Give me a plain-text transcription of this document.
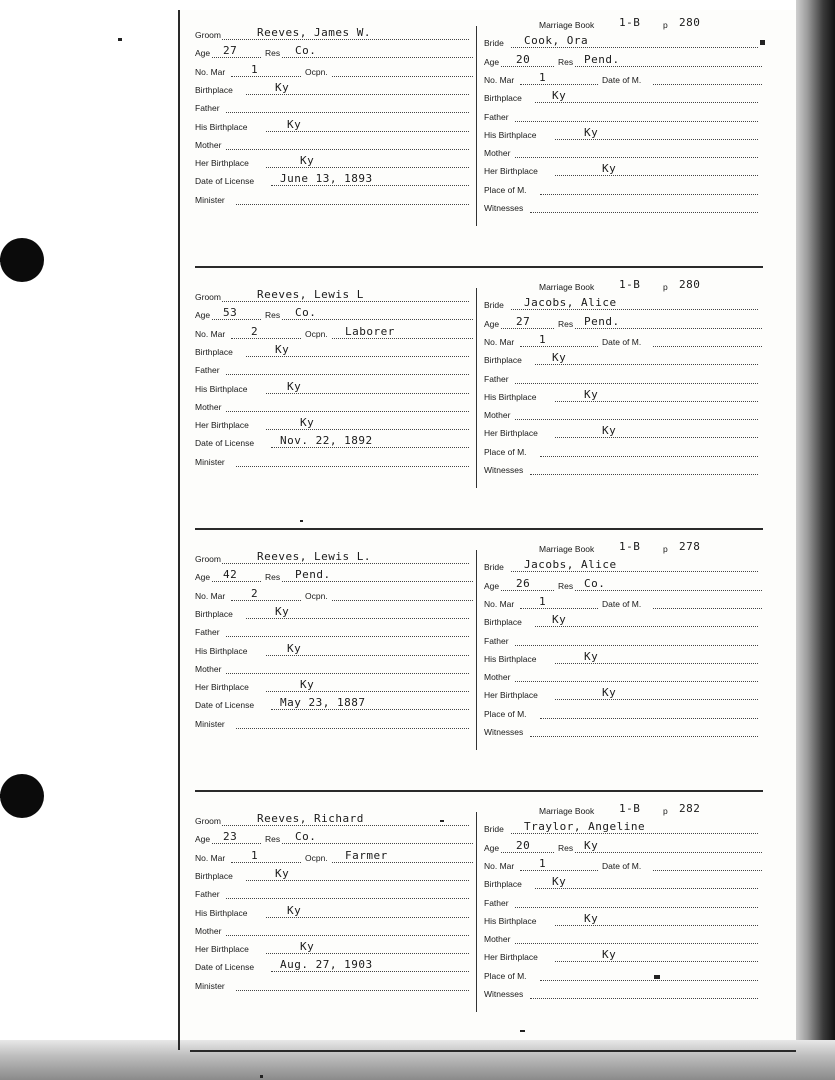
Groom	Reeves, James W.
Age 27	Res Co.
No. Mar 1	Ocpn.
Birthplace	Ky
Father
His Birthplace	Ky
Mother
Her Birthplace	Ky
Date of License June 13, 1893
Minister
Marriage Book 1-B	p 280
Bride Cook, Ora
Age 20	Res Pend.
No. Mar 1	Date of M.
Birthplace	Ky
Father
His Birthplace	Ky
Mother
Her Birthplace	Ky
Place of M.
Witnesses
Groom	Reeves, Lewis L
Age 53	Res Co.
No. Mar 2	Ocpn. Laborer
Birthplace	Ky
Father
His Birthplace	Ky
Mother
Her Birthplace	Ky
Date of License Nov. 22, 1892
Minister
Marriage Book 1-B	p 280
Bride Jacobs, Alice
Age 27	Res Pend.
No. Mar 1	Date of M.
Birthplace	Ky
Father
His Birthplace	Ky
Mother
Her Birthplace	Ky
Place of M.
Witnesses
Groom	Reeves, Lewis L.
Age 42	Res Pend.
No. Mar 2	Ocpn.
Birthplace	Ky
Father
His Birthplace	Ky
Mother
Her Birthplace	Ky
Date of License May 23, 1887
Minister
Marriage Book 1-B	p 278
Bride Jacobs, Alice
Age 26	Res Co.
No. Mar 1	Date of M.
Birthplace	Ky
Father
His Birthplace	Ky
Mother
Her Birthplace	Ky
Place of M.
Witnesses
Groom	Reeves, Richard
Age 23	Res Co.
No. Mar 1	Ocpn. Farmer
Birthplace	Ky
Father
His Birthplace	Ky
Mother
Her Birthplace	Ky
Date of License Aug. 27, 1903
Minister
Marriage Book 1-B	p 282
Bride Traylor, Angeline
Age 20	Res Ky
No. Mar 1	Date of M.
Birthplace	Ky
Father
His Birthplace	Ky
Mother
Her Birthplace	Ky
Place of M.
Witnesses
